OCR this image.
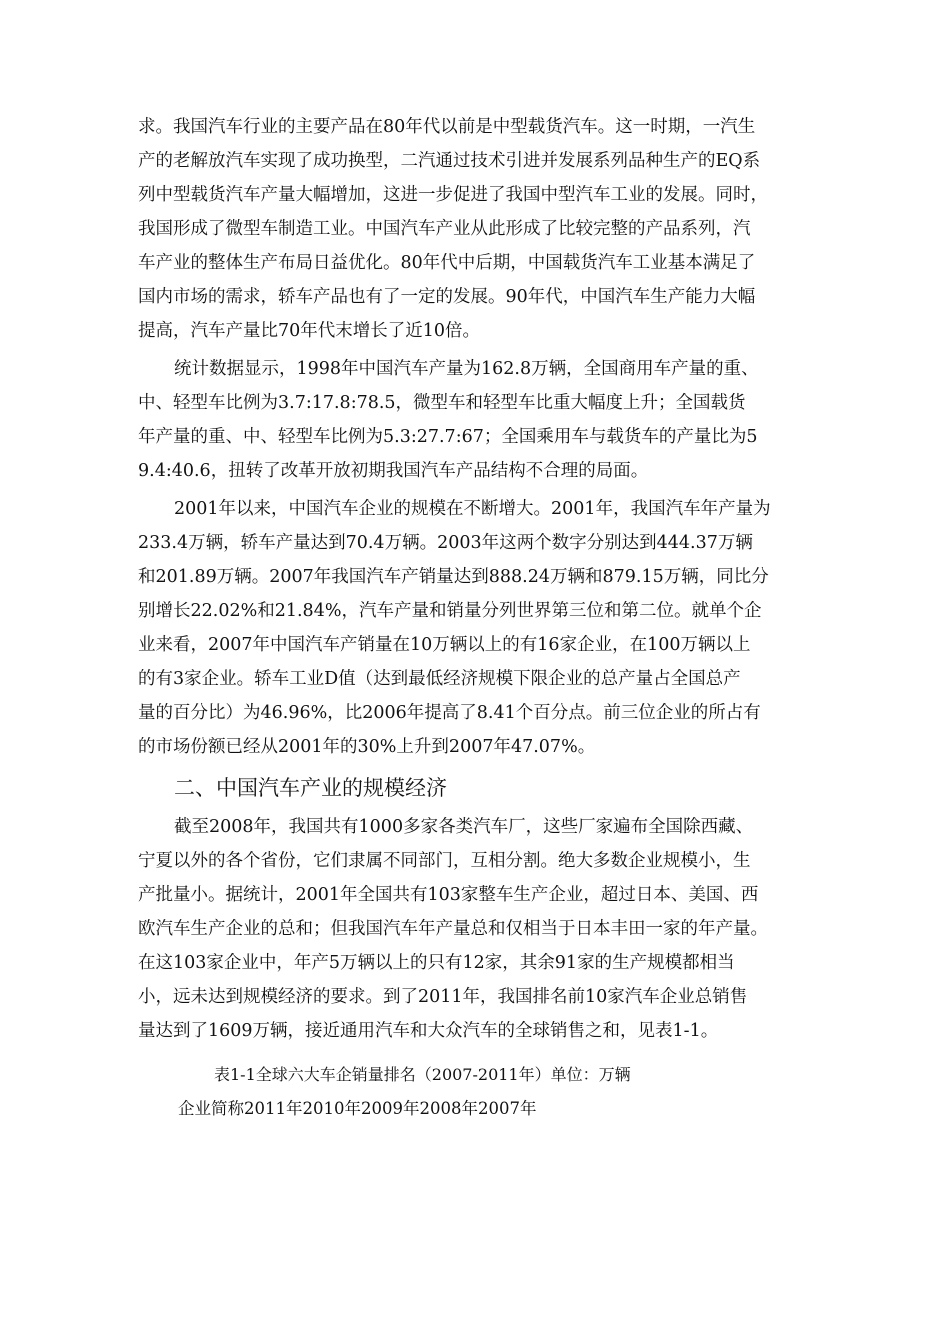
求。我国汽车行业的主要产品在80年代以前是中型载货汽车。这一时期，一汽生
产的老解放汽车实现了成功换型，二汽通过技术引进并发展系列品种生产的EQ系
列中型载货汽车产量大幅增加，这进一步促进了我国中型汽车工业的发展。同时，
我国形成了微型车制造工业。中国汽车产业从此形成了比较完整的产品系列，汽
车产业的整体生产布局日益优化。80年代中后期，中国载货汽车工业基本满足了
国内市场的需求，轿车产品也有了一定的发展。90年代，中国汽车生产能力大幅
提高，汽车产量比70年代末增长了近10倍。
统计数据显示，1998年中国汽车产量为162.8万辆，全国商用车产量的重、
中、轻型车比例为3.7:17.8:78.5，微型车和轻型车比重大幅度上升；全国载货
年产量的重、中、轻型车比例为5.3:27.7:67；全国乘用车与载货车的产量比为5
9.4:40.6，扭转了改革开放初期我国汽车产品结构不合理的局面。
2001年以来，中国汽车企业的规模在不断增大。2001年，我国汽车年产量为
233.4万辆，轿车产量达到70.4万辆。2003年这两个数字分别达到444.37万辆
和201.89万辆。2007年我国汽车产销量达到888.24万辆和879.15万辆，同比分
别增长22.02%和21.84%，汽车产量和销量分列世界第三位和第二位。就单个企
业来看，2007年中国汽车产销量在10万辆以上的有16家企业，在100万辆以上
的有3家企业。轿车工业D值（达到最低经济规模下限企业的总产量占全国总产
量的百分比）为46.96%，比2006年提高了8.41个百分点。前三位企业的所占有
的市场份额已经从2001年的30%上升到2007年47.07%。
二、中国汽车产业的规模经济
截至2008年，我国共有1000多家各类汽车厂，这些厂家遍布全国除西藏、
宁夏以外的各个省份，它们隶属不同部门，互相分割。绝大多数企业规模小，生
产批量小。据统计，2001年全国共有103家整车生产企业，超过日本、美国、西
欧汽车生产企业的总和；但我国汽车年产量总和仅相当于日本丰田一家的年产量。
在这103家企业中，年产5万辆以上的只有12家，其余91家的生产规模都相当
小，远未达到规模经济的要求。到了2011年，我国排名前10家汽车企业总销售
量达到了1609万辆，接近通用汽车和大众汽车的全球销售之和，见表1-1。
表1-1全球六大车企销量排名（2007-2011年）单位：万辆
企业简称2011年2010年2009年2008年2007年
